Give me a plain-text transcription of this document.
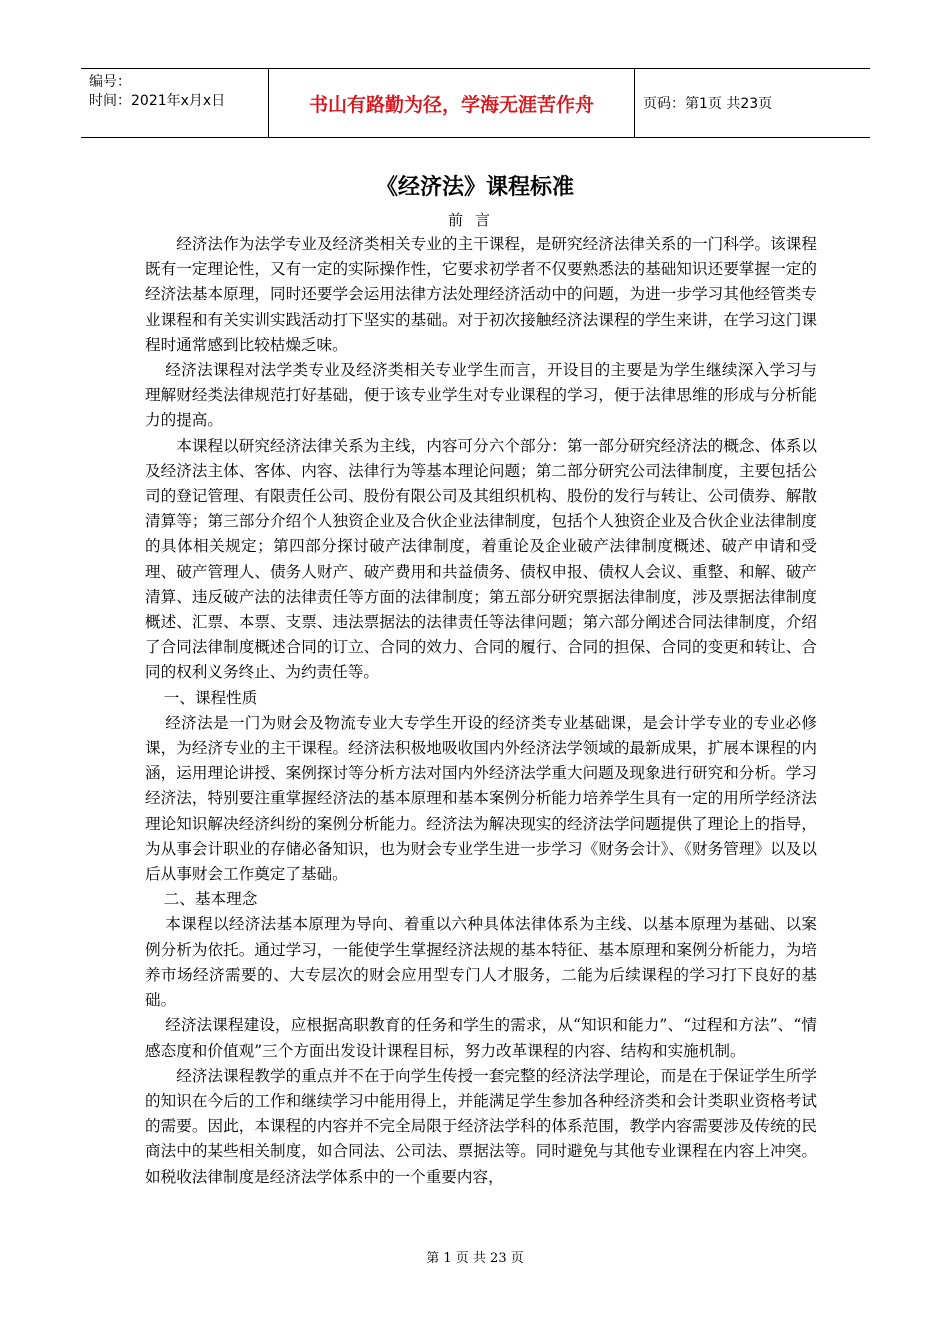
编号：
时间：2021年x月x日	书山有路勤为径，学海无涯苦作舟	页码：第1页 共23页
《经济法》课程标准
前言

经济法作为法学专业及经济类相关专业的主干课程，是研究经济法律关系的一门科学。该课程既有一定理论性，又有一定的实际操作性，它要求初学者不仅要熟悉法的基础知识还要掌握一定的经济法基本原理，同时还要学会运用法律方法处理经济活动中的问题，为进一步学习其他经管类专业课程和有关实训实践活动打下坚实的基础。对于初次接触经济法课程的学生来讲，在学习这门课程时通常感到比较枯燥乏味。

经济法课程对法学类专业及经济类相关专业学生而言，开设目的主要是为学生继续深入学习与理解财经类法律规范打好基础，便于该专业学生对专业课程的学习，便于法律思维的形成与分析能力的提高。

本课程以研究经济法律关系为主线，内容可分六个部分：第一部分研究经济法的概念、体系以及经济法主体、客体、内容、法律行为等基本理论问题；第二部分研究公司法律制度，主要包括公司的登记管理、有限责任公司、股份有限公司及其组织机构、股份的发行与转让、公司债券、解散清算等；第三部分介绍个人独资企业及合伙企业法律制度，包括个人独资企业及合伙企业法律制度的具体相关规定；第四部分探讨破产法律制度，着重论及企业破产法律制度概述、破产申请和受理、破产管理人、债务人财产、破产费用和共益债务、债权申报、债权人会议、重整、和解、破产清算、违反破产法的法律责任等方面的法律制度；第五部分研究票据法律制度，涉及票据法律制度概述、汇票、本票、支票、违法票据法的法律责任等法律问题；第六部分阐述合同法律制度，介绍了合同法律制度概述合同的订立、合同的效力、合同的履行、合同的担保、合同的变更和转让、合同的权利义务终止、为约责任等。

一、课程性质

经济法是一门为财会及物流专业大专学生开设的经济类专业基础课，是会计学专业的专业必修课，为经济专业的主干课程。经济法积极地吸收国内外经济法学领域的最新成果，扩展本课程的内涵，运用理论讲授、案例探讨等分析方法对国内外经济法学重大问题及现象进行研究和分析。学习经济法，特别要注重掌握经济法的基本原理和基本案例分析能力培养学生具有一定的用所学经济法理论知识解决经济纠纷的案例分析能力。经济法为解决现实的经济法学问题提供了理论上的指导，为从事会计职业的存储必备知识，也为财会专业学生进一步学习《财务会计》、《财务管理》以及以后从事财会工作奠定了基础。

二、基本理念

本课程以经济法基本原理为导向、着重以六种具体法律体系为主线、以基本原理为基础、以案例分析为依托。通过学习，一能使学生掌握经济法规的基本特征、基本原理和案例分析能力，为培养市场经济需要的、大专层次的财会应用型专门人才服务，二能为后续课程的学习打下良好的基础。

经济法课程建设，应根据高职教育的任务和学生的需求，从“知识和能力”、“过程和方法”、“情感态度和价值观”三个方面出发设计课程目标，努力改革课程的内容、结构和实施机制。

经济法课程教学的重点并不在于向学生传授一套完整的经济法学理论，而是在于保证学生所学的知识在今后的工作和继续学习中能用得上，并能满足学生参加各种经济类和会计类职业资格考试的需要。因此，本课程的内容并不完全局限于经济法学科的体系范围，教学内容需要涉及传统的民商法中的某些相关制度，如合同法、公司法、票据法等。同时避免与其他专业课程在内容上冲突。如税收法律制度是经济法学体系中的一个重要内容，

第 1 页 共 23 页
